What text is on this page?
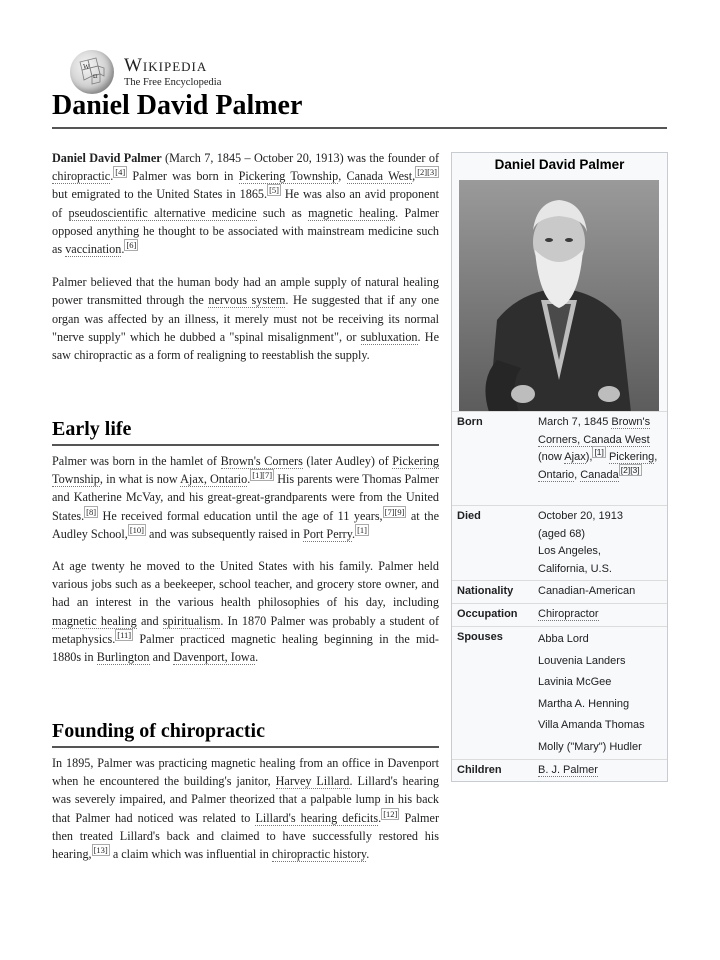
W
Ω
Wikipedia
The Free Encyclopedia
Daniel David Palmer

Daniel David Palmer (March 7, 1845 – October 20, 1913) was the founder of chiropractic. [4] Palmer was born in Pickering Township, Canada West, [2][3] but emigrated to the United States in 1865. [5] He was also an avid proponent of pseudoscientific alternative medicine such as magnetic healing. Palmer opposed anything he thought to be associated with mainstream medicine such as vaccination. [6]

Palmer believed that the human body had an ample supply of natural healing power transmitted through the nervous system. He suggested that if any one organ was affected by an illness, it merely must not be receiving its normal "nerve supply" which he dubbed a "spinal misalignment", or subluxation. He saw chiropractic as a form of realigning to reestablish the supply.

Early life

Palmer was born in the hamlet of Brown's Corners (later Audley) of Pickering Township, in what is now Ajax, Ontario. [1][7] His parents were Thomas Palmer and Katherine McVay, and his great-great-grandparents were from the United States. [8] He received formal education until the age of 11 years, [7][9] at the Audley School, [10] and was subsequently raised in Port Perry. [1]

At age twenty he moved to the United States with his family. Palmer held various jobs such as a beekeeper, school teacher, and grocery store owner, and had an interest in the various health philosophies of his day, including magnetic healing and spiritualism. In 1870 Palmer was probably a student of metaphysics. [11] Palmer practiced magnetic healing beginning in the mid-1880s in Burlington and Davenport, Iowa.

Founding of chiropractic

In 1895, Palmer was practicing magnetic healing from an office in Davenport when he encountered the building's janitor, Harvey Lillard. Lillard's hearing was severely impaired, and Palmer theorized that a palpable lump in his back that Palmer had noticed was related to Lillard's hearing deficits. [12] Palmer then treated Lillard's back and claimed to have successfully restored his hearing, [13] a claim which was influential in chiropractic history.

Daniel David Palmer
Born	March 7, 1845 Brown's Corners, Canada West (now Ajax), [1] Pickering, Ontario, Canada [2][3]
Died	October 20, 1913
(aged 68)
Los Angeles,
California, U.S.
Nationality Canadian-American
Occupation Chiropractor
Spouses	Abba Lord
Louvenia Landers
Lavinia McGee
Martha A. Henning
Villa Amanda Thomas
Molly ("Mary") Hudler
Children	B. J. Palmer
